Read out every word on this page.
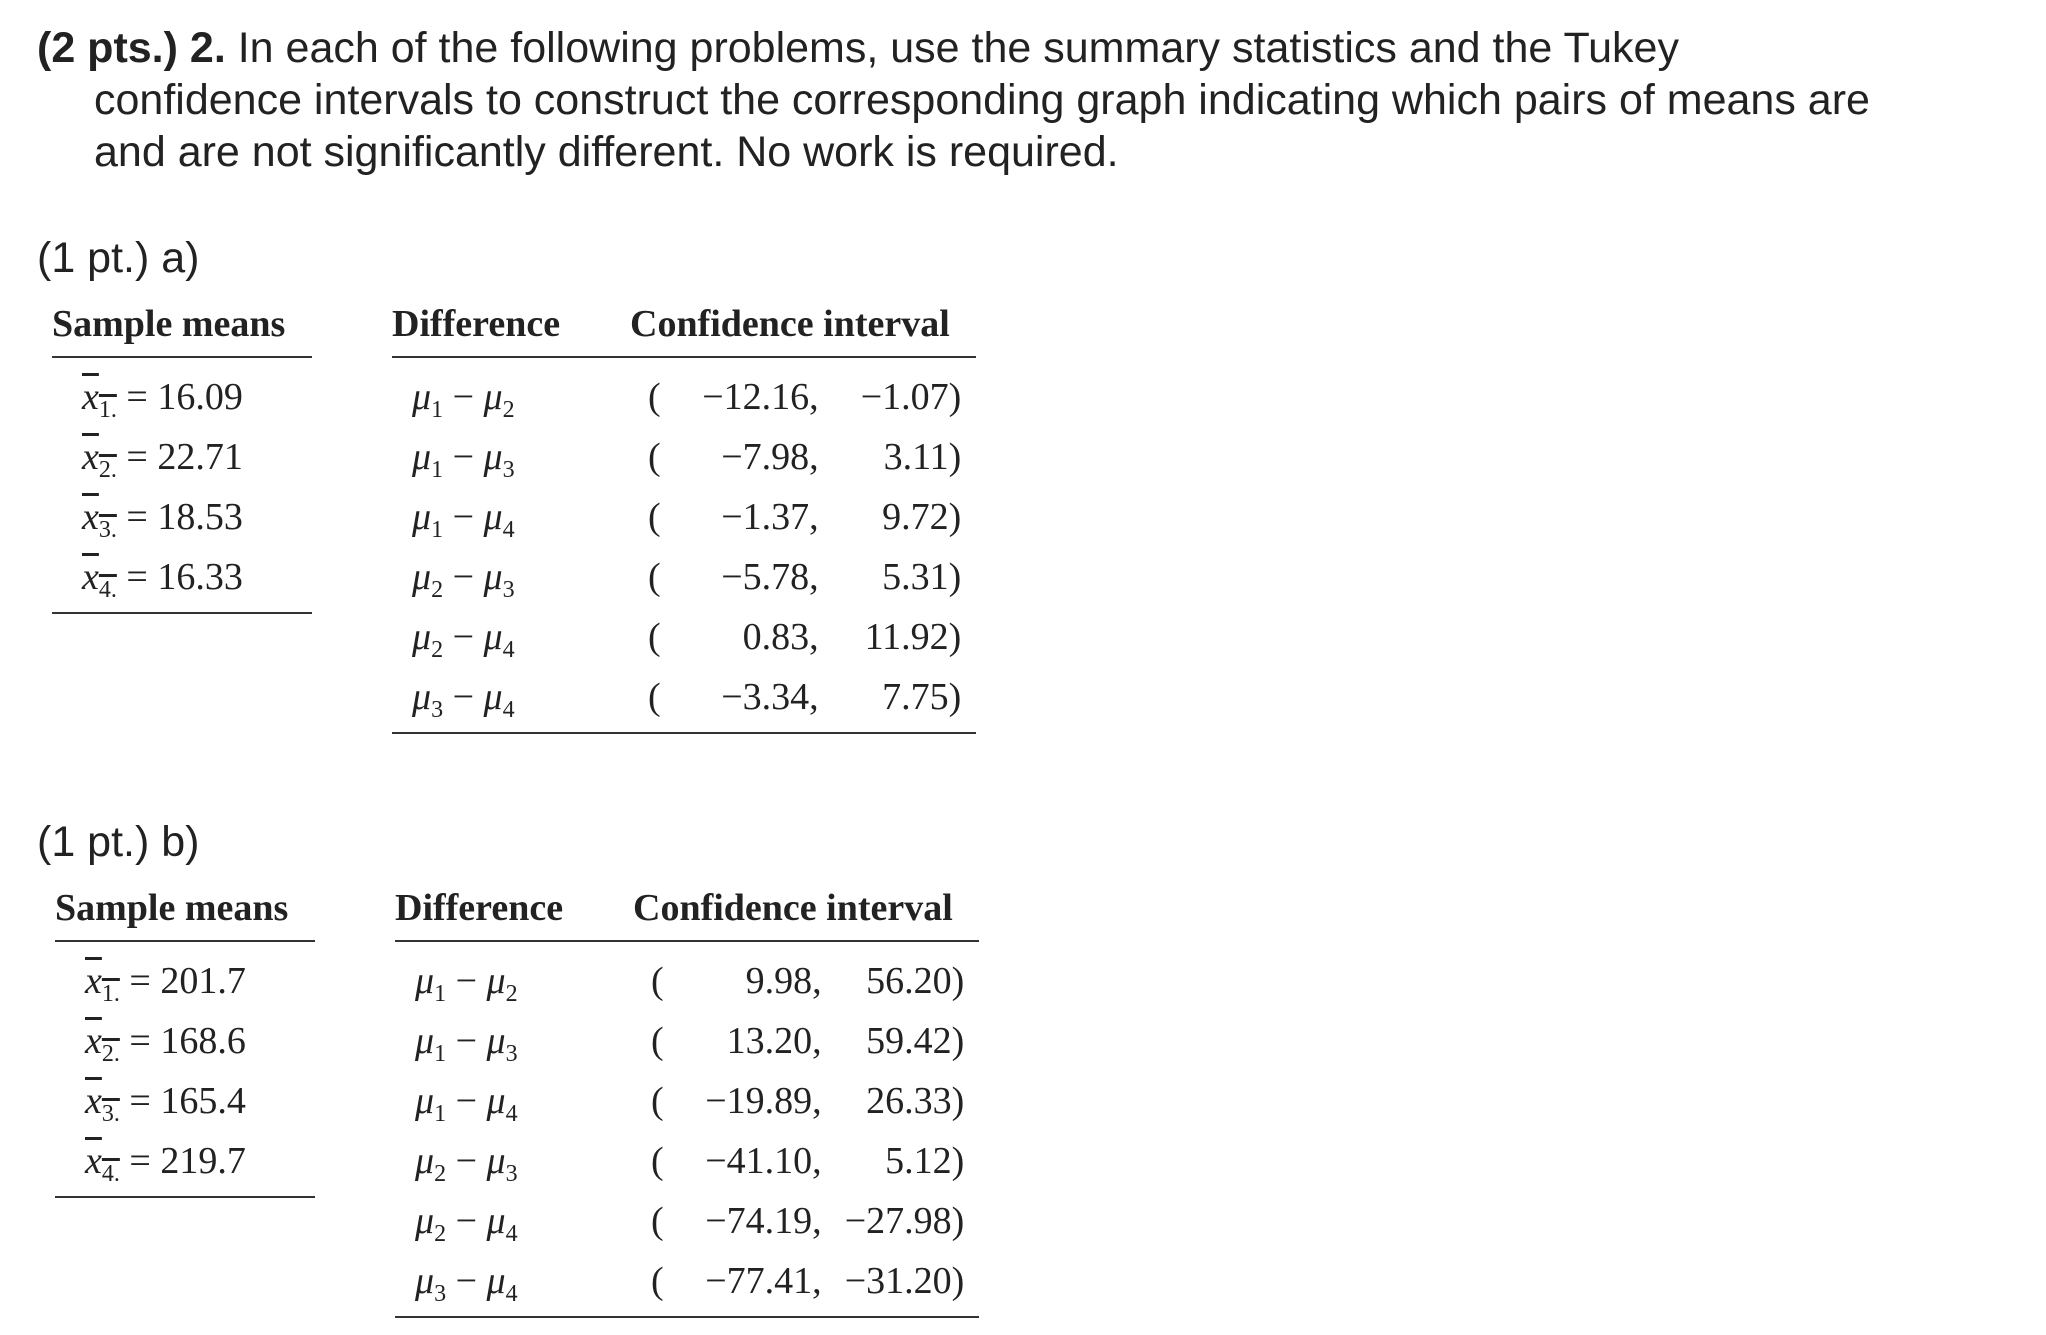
(2 pts.) 2. In each of the following problems, use the summary statistics and the Tukey
confidence intervals to construct the corresponding graph indicating which pairs of means are
and are not significantly different. No work is required.
(1 pt.) a)
Sample means	Difference Confidence interval
$x_{1.} = 16.09$
$x_{2.} = 22.71$
$x_{3.} = 18.53$
$x_{4.} = 16.33$
$\mu_1 - \mu_2$	( −12.16, −1.07)
$\mu_1 - \mu_3$	( −7.98, 3.11)
$\mu_1 - \mu_4$	( −1.37, 9.72)
$\mu_2 - \mu_3$	( −5.78, 5.31)
$\mu_2 - \mu_4$	( 0.83, 11.92)
$\mu_3 - \mu_4$	( −3.34, 7.75)
(1 pt.) b)
Sample means	Difference Confidence interval
$x_{1.} = 201.7$
$x_{2.} = 168.6$
$x_{3.} = 165.4$
$x_{4.} = 219.7$
$\mu_1 - \mu_2$	( 9.98, 56.20)
$\mu_1 - \mu_3$	( 13.20, 59.42)
$\mu_1 - \mu_4$	( −19.89, 26.33)
$\mu_2 - \mu_3$	( −41.10, 5.12)
$\mu_2 - \mu_4$	( −74.19, −27.98)
$\mu_3 - \mu_4$	( −77.41, −31.20)
